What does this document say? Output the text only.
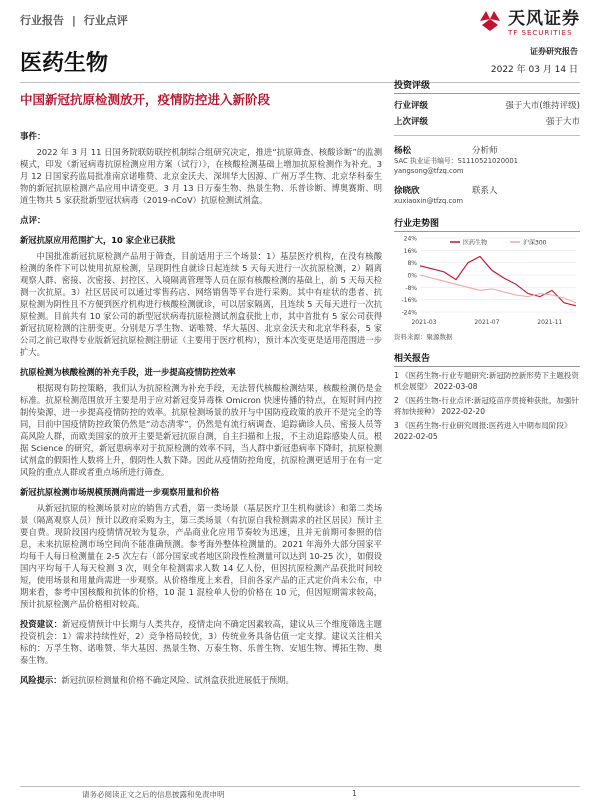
行业报告 | 行业点评	天风证券
TF SECURITIES
医药生物	证券研究报告
2022 年 03 月 14 日
中国新冠抗原检测放开，疫情防控进入新阶段
事件：
2022 年 3 月 11 日国务院联防联控机制综合组研究决定，推进“抗原筛查、核酸诊断”的监测模式，印发《新冠病毒抗原检测应用方案（试行）》，在核酸检测基础上增加抗原检测作为补充。3 月 12 日国家药监局批准南京诺唯赞、北京金沃夫、深圳华大因源、广州万孚生物、北京华科泰生物的新冠抗原检测产品应用申请变更。3 月 13 日万泰生物、热景生物、乐普诊断、博奥赛斯、明道生物共 5 家获批新型冠状病毒（2019-nCoV）抗原检测试剂盒。
点评：
新冠抗原应用范围扩大，10 家企业已获批
中国批准新冠抗原检测产品用于筛查，目前适用于三个场景：1）基层医疗机构，在没有核酸检测的条件下可以使用抗原检测，呈现阴性自就诊日起连续 5 天每天进行一次抗原检测，2）隔离观察人群、密接、次密接、封控区、入境隔离管理等人员在原有核酸检测的基础上，前 5 天每天检测一次抗原。3）社区居民可以通过零售药店、网络销售等平台进行采购。其中有症状的患者、抗原检测为阴性且不方便到医疗机构进行核酸检测就诊，可以居家隔离，且连续 5 天每天进行一次抗原检测。目前共有 10 家公司的新型冠状病毒抗原检测试剂盒获批上市，其中首批有 5 家公司获得新冠抗原检测的注册变更。分别是万孚生物、诺唯赞、华大基因、北京金沃夫和北京华科泰，5 家公司之前已取得专业版新冠抗原检测注册证（主要用于医疗机构），预计本次变更是适用范围进一步扩大。
抗原检测为核酸检测的补充手段，进一步提高疫情防控效率
根据现有防控策略，我们认为抗原检测为补充手段，无法替代核酸检测结果，核酸检测仍是金标准。抗原检测范围放开主要是用于应对新冠变异毒株 Omicron 快速传播的特点，在短时间内控制传染源，进一步提高疫情防控的效率。抗原检测场景的放开与中国防疫政策的放开不是完全的等同，目前中国疫情防控政策仍然是“动态清零”，仍然是有流行病调查、追踪确诊人员、密接人员等高风险人群，而欧美国家的放开主要是新冠抗原自测，自主扫描和上报，不主动追踪感染人员。根据 Science 的研究，新冠患病率对于抗原检测的效率不同，当人群中新冠患病率下降时，抗原检测试剂盒的假阳性人数将上升，假阴性人数下降。因此从疫情防控角度，抗原检测更适用于在有一定风险的重点人群或者重点场所进行筛查。
新冠抗原检测市场规模预测尚需进一步观察用量和价格
从新冠抗原的检测场景对应的销售方式看，第一类场景（基层医疗卫生机构就诊）和第二类场景（隔离观察人员）预计以政府采购为主，第三类场景（有抗原自我检测需求的社区居民）预计主要自费。现阶段国内疫情情况较为复杂，产品商业化应用节奏较为迅速，且并无前期可参照的信息，未来抗原检测市场空间尚不能准确预测。参考海外整体检测量的。2021 年海外大部分国家平均每千人每日检测量在 2-5 次左右（部分国家或者地区阶段性检测量可以达到 10-25 次），如假设国内平均每千人每天检测 3 次，则全年检测需求人数 14 亿人份，但因抗原检测产品获批时间较短，使用场景和用量尚需进一步观察。从价格维度上来看，目前各家产品的正式定价尚未公布，中期来看，参考中国核酸和抗体的价格，10 混 1 混检单人份的价格在 10 元，但因短期需求较高，预计抗原检测产品价格相对较高。
投资建议：新冠疫情预计中长期与人类共存，疫情走向不确定因素较高，建议从三个维度筛选主题投资机会：1）需求持续性好，2）竞争格局较优，3）传统业务具备估值一定支撑。建议关注相关标的：万孚生物、诺唯赞、华大基因、热景生物、万泰生物、乐普生物、安旭生物、博拓生物、奥泰生物。
风险提示：新冠抗原检测量和价格不确定风险、试剂盒获批进展低于预期。
投资评级
行业评级	强于大市(维持评级)
上次评级	强于大市
杨松	分析师
SAC 执业证书编号：S1110521020001
yangsong@tfzq.com
徐晓欣	联系人
xuxiaoxin@tfzq.com
行业走势图
24%
16%
8%
0%
-8%
-16%
-24%
2021-03	2021-07	2021-11
医药生物	沪深300
资料来源：聚源数据
相关报告
1 《医药生物-行业专题研究:新冠防控新形势下主题投资机会展望》 2022-03-08
2 《医药生物-行业点评:新冠疫苗序贯接种获批，加强针将加快接种》 2022-02-20
3 《医药生物-行业研究周报:医药进入中期布局阶段》 2022-02-05
请务必阅读正文之后的信息披露和免责申明	1
